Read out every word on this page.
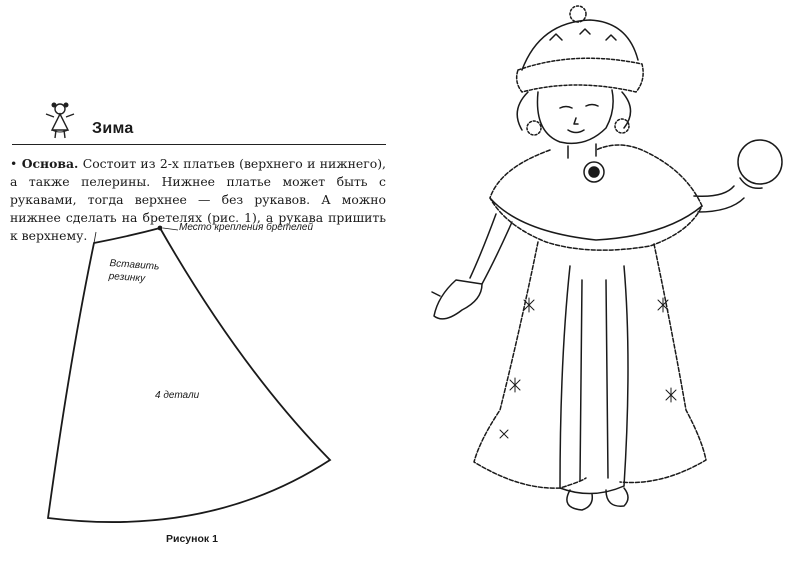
Зима
• Основа. Состоит из 2-х платьев (верхнего и нижнего), а также пелерины. Нижнее платье может быть с рукавами, тогда верхнее — без рукавов. А можно нижнее сделать на бретелях (рис. 1), а рукава пришить к верхнему.
Место крепления бретелей
Вставить
резинку
4 детали
Рисунок 1
